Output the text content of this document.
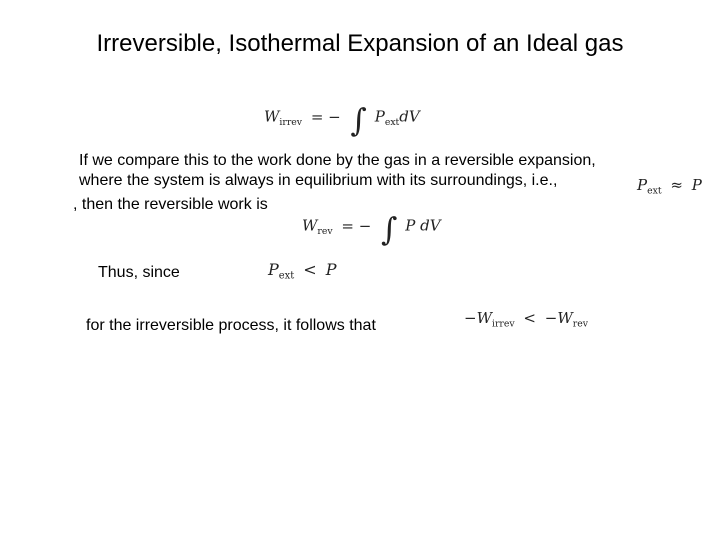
Irreversible, Isothermal Expansion of an Ideal gas
$W_{irrev}$ = − ∫ $P_{ext}dV$
If we compare this to the work done by the gas in a reversible expansion,
where the system is always in equilibrium with its surroundings, i.e.,	$P_{ext} \approx P$
, then the reversible work is
$W_{rev}$ = − ∫ P dV
Thus, since	$P_{ext} < P$
for the irreversible process, it follows that	$-W_{irrev} < -W_{rev}$
